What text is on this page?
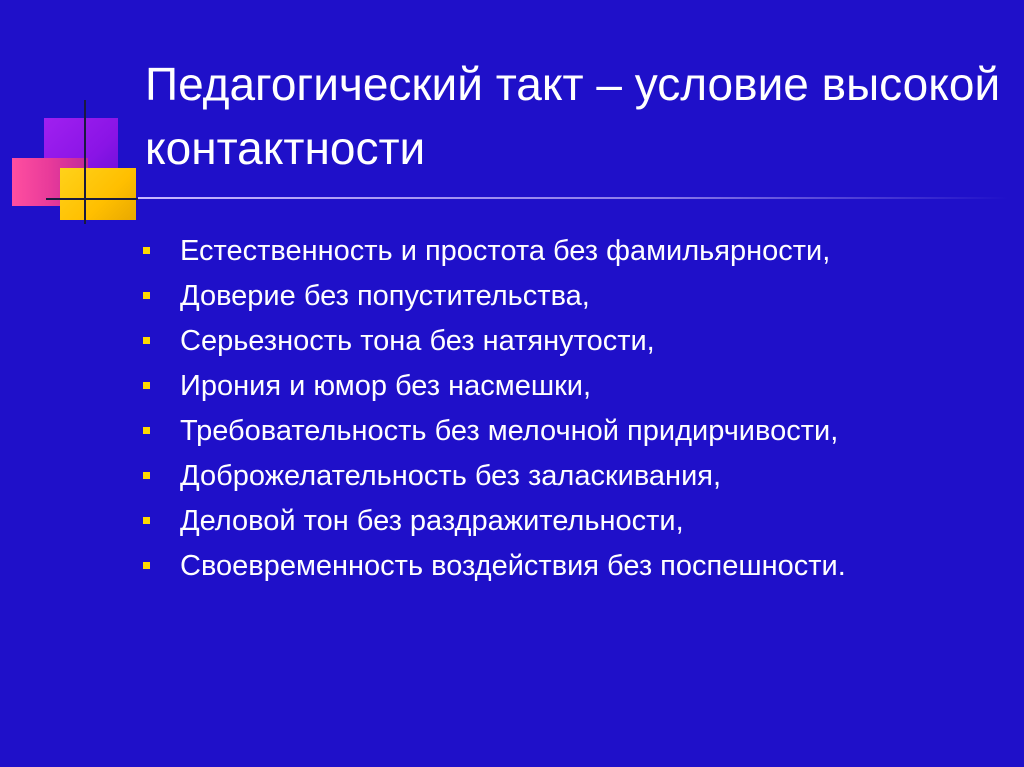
Педагогический такт – условие высокой контактности
Естественность и простота без фамильярности,
Доверие без попустительства,
Серьезность тона без натянутости,
Ирония и юмор без насмешки,
Требовательность без мелочной придирчивости,
Доброжелательность без заласкивания,
Деловой тон без раздражительности,
Своевременность воздействия без поспешности.
